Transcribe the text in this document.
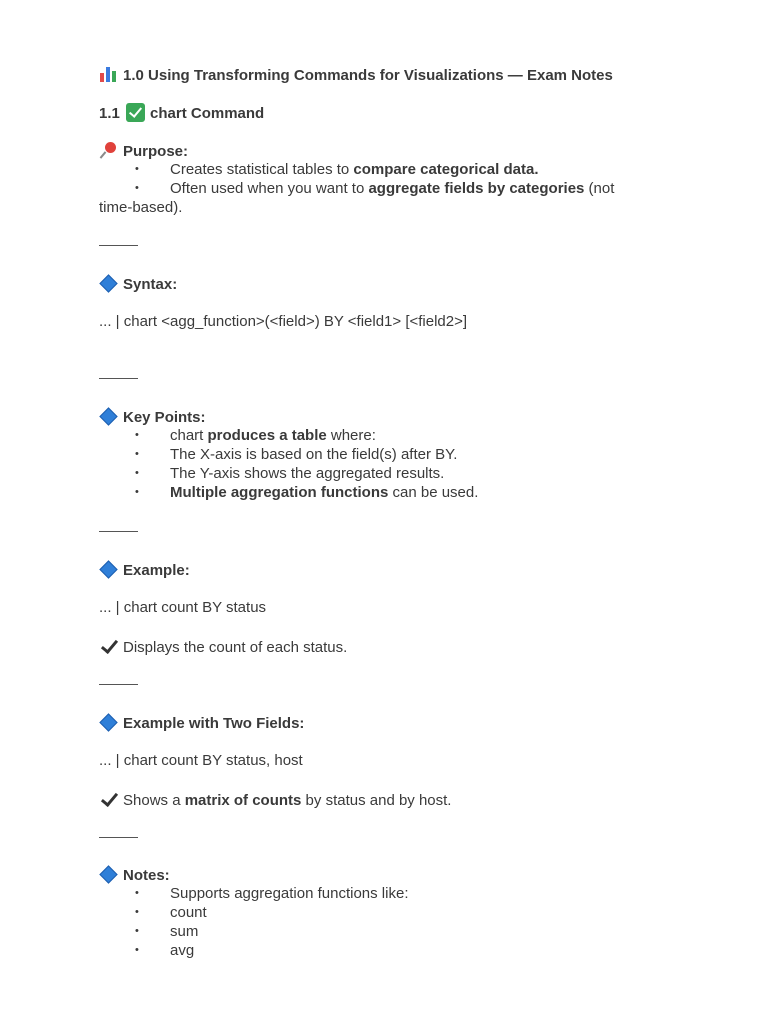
1.0 Using Transforming Commands for Visualizations — Exam Notes
1.1 chart Command
Purpose:
• Creates statistical tables to compare categorical data.
• Often used when you want to aggregate fields by categories (not
time-based).
Syntax:
... | chart <agg_function>(<field>) BY <field1> [<field2>]
Key Points:
• chart produces a table where:
• The X-axis is based on the field(s) after BY.
• The Y-axis shows the aggregated results.
• Multiple aggregation functions can be used.
Example:
... | chart count BY status
Displays the count of each status.
Example with Two Fields:
... | chart count BY status, host
Shows a matrix of counts by status and by host.
Notes:
• Supports aggregation functions like:
• count
• sum
• avg
